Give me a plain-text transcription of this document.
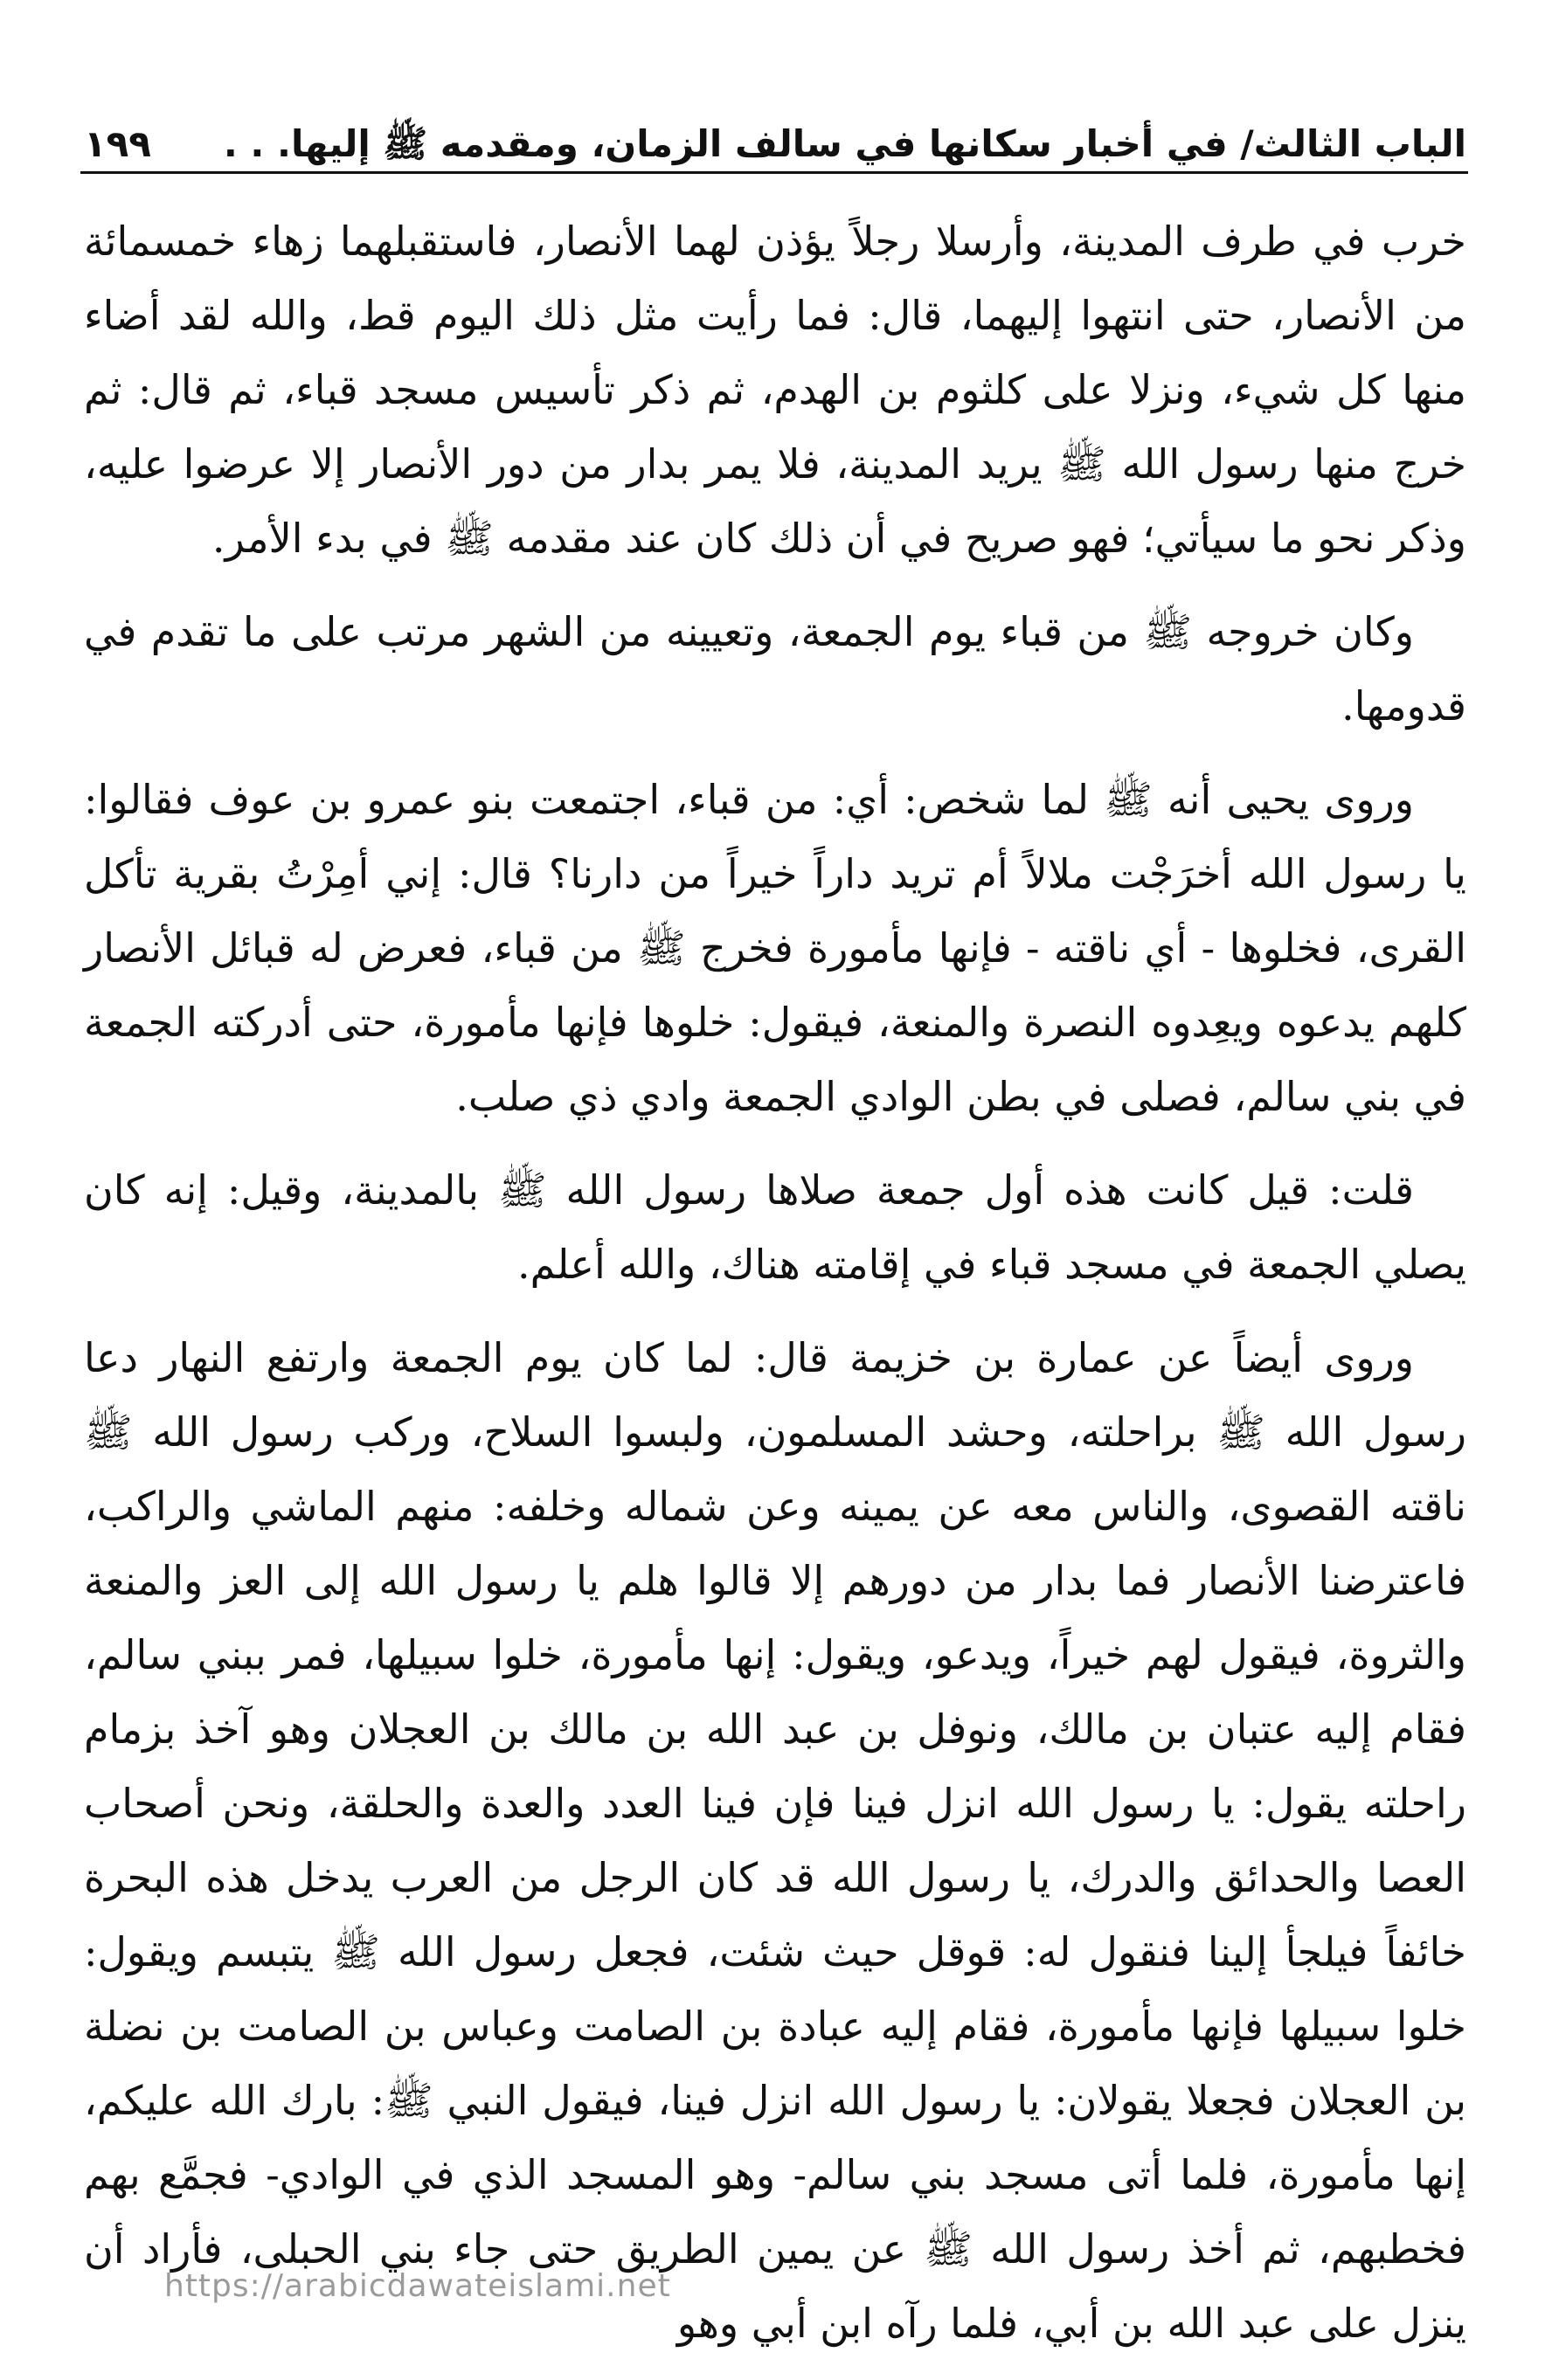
الباب الثالث/ في أخبار سكانها في سالف الزمان، ومقدمه ﷺ إليها. . .
١٩٩

خرب في طرف المدينة، وأرسلا رجلاً يؤذن لهما الأنصار، فاستقبلهما زهاء خمسمائة من الأنصار، حتى انتهوا إليهما، قال: فما رأيت مثل ذلك اليوم قط، والله لقد أضاء منها كل شيء، ونزلا على كلثوم بن الهدم، ثم ذكر تأسيس مسجد قباء، ثم قال: ثم خرج منها رسول الله ﷺ يريد المدينة، فلا يمر بدار من دور الأنصار إلا عرضوا عليه، وذكر نحو ما سيأتي؛ فهو صريح في أن ذلك كان عند مقدمه ﷺ في بدء الأمر.

وكان خروجه ﷺ من قباء يوم الجمعة، وتعيينه من الشهر مرتب على ما تقدم في قدومها.

وروى يحيى أنه ﷺ لما شخص: أي: من قباء، اجتمعت بنو عمرو بن عوف فقالوا: يا رسول الله أخرَجْت ملالاً أم تريد داراً خيراً من دارنا؟ قال: إني أمِرْتُ بقرية تأكل القرى، فخلوها - أي ناقته - فإنها مأمورة فخرج ﷺ من قباء، فعرض له قبائل الأنصار كلهم يدعوه ويعِدوه النصرة والمنعة، فيقول: خلوها فإنها مأمورة، حتى أدركته الجمعة في بني سالم، فصلى في بطن الوادي الجمعة وادي ذي صلب.

قلت: قيل كانت هذه أول جمعة صلاها رسول الله ﷺ بالمدينة، وقيل: إنه كان يصلي الجمعة في مسجد قباء في إقامته هناك، والله أعلم.

وروى أيضاً عن عمارة بن خزيمة قال: لما كان يوم الجمعة وارتفع النهار دعا رسول الله ﷺ براحلته، وحشد المسلمون، ولبسوا السلاح، وركب رسول الله ﷺ ناقته القصوى، والناس معه عن يمينه وعن شماله وخلفه: منهم الماشي والراكب، فاعترضنا الأنصار فما بدار من دورهم إلا قالوا هلم يا رسول الله إلى العز والمنعة والثروة، فيقول لهم خيراً، ويدعو، ويقول: إنها مأمورة، خلوا سبيلها، فمر ببني سالم، فقام إليه عتبان بن مالك، ونوفل بن عبد الله بن مالك بن العجلان وهو آخذ بزمام راحلته يقول: يا رسول الله انزل فينا فإن فينا العدد والعدة والحلقة، ونحن أصحاب العصا والحدائق والدرك، يا رسول الله قد كان الرجل من العرب يدخل هذه البحرة خائفاً فيلجأ إلينا فنقول له: قوقل حيث شئت، فجعل رسول الله ﷺ يتبسم ويقول: خلوا سبيلها فإنها مأمورة، فقام إليه عبادة بن الصامت وعباس بن الصامت بن نضلة بن العجلان فجعلا يقولان: يا رسول الله انزل فينا، فيقول النبي ﷺ: بارك الله عليكم، إنها مأمورة، فلما أتى مسجد بني سالم- وهو المسجد الذي في الوادي- فجمَّع بهم فخطبهم، ثم أخذ رسول الله ﷺ عن يمين الطريق حتى جاء بني الحبلى، فأراد أن ينزل على عبد الله بن أبي، فلما رآه ابن أبي وهو

https://arabicdawateislami.net
